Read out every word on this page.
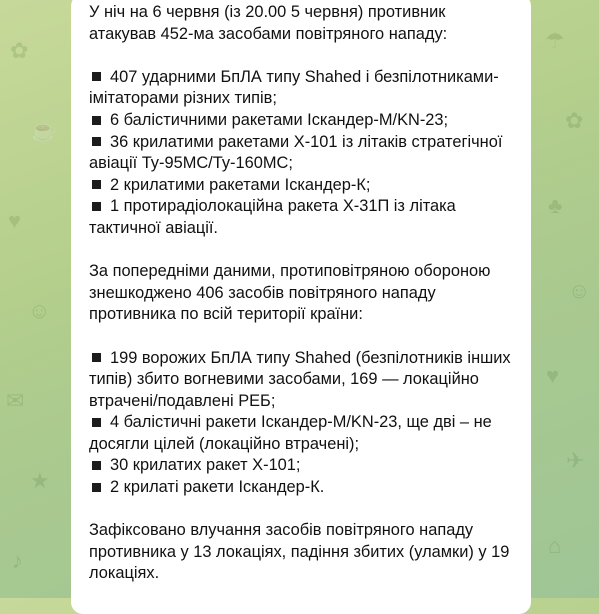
✿
☕
♥
☺
✉
★
♪
☂
✿
♣
☺
♥
✈
⌂

У ніч на 6 червня (із 20.00 5 червня) противник атакував 452-ма засобами повітряного нападу:

407 ударними БпЛА типу Shahed і безпілотниками-імітаторами різних типів;
6 балістичними ракетами Іскандер-М/KN-23;
36 крилатими ракетами Х-101 із літаків стратегічної авіації Ту-95МС/Ту-160МС;
2 крилатими ракетами Іскандер-К;
1 протирадіолокаційна ракета Х-31П із літака тактичної авіації.

За попередніми даними, протиповітряною обороною знешкоджено 406 засобів повітряного нападу противника по всій території країни:

199 ворожих БпЛА типу Shahed (безпілотників інших типів) збито вогневими засобами, 169 — локаційно втрачені/подавлені РЕБ;
4 балістичні ракети Іскандер-М/KN-23, ще дві – не досягли цілей (локаційно втрачені);
30 крилатих ракет Х-101;
2 крилаті ракети Іскандер-К.

Зафіксовано влучання засобів повітряного нападу противника у 13 локаціях, падіння збитих (уламки) у 19 локаціях.
